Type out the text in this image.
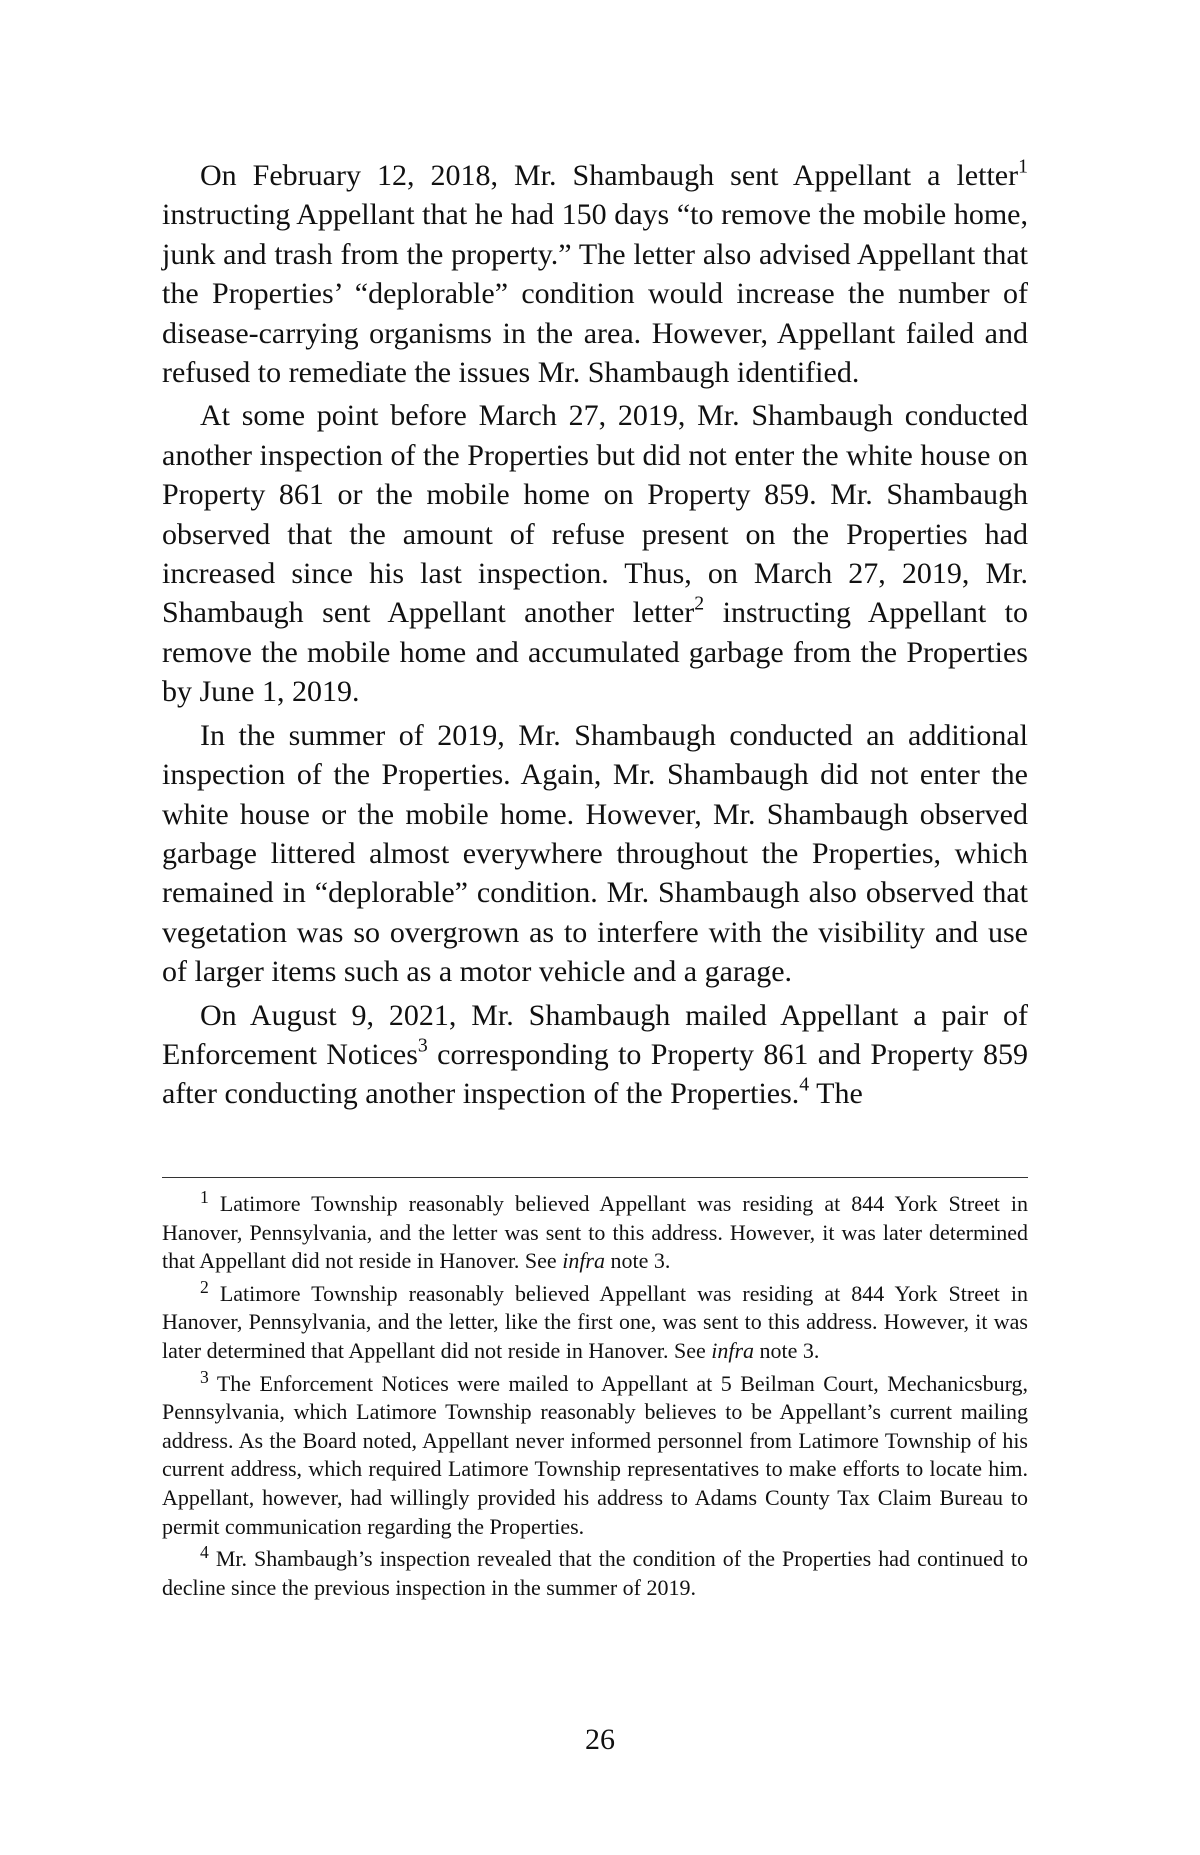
On February 12, 2018, Mr. Shambaugh sent Appellant a letter$^1$ instructing Appellant that he had 150 days “to remove the mobile home, junk and trash from the property.” The letter also advised Appellant that the Properties’ “deplorable” condition would increase the number of disease-carrying organisms in the area. However, Appellant failed and refused to remediate the issues Mr. Shambaugh identified.

At some point before March 27, 2019, Mr. Shambaugh conducted another inspection of the Properties but did not enter the white house on Property 861 or the mobile home on Property 859. Mr. Shambaugh observed that the amount of refuse present on the Properties had increased since his last inspection. Thus, on March 27, 2019, Mr. Shambaugh sent Appellant another letter$^2$ instructing Appellant to remove the mobile home and accumulated garbage from the Properties by June 1, 2019.

In the summer of 2019, Mr. Shambaugh conducted an additional inspection of the Properties. Again, Mr. Shambaugh did not enter the white house or the mobile home. However, Mr. Shambaugh observed garbage littered almost everywhere throughout the Properties, which remained in “deplorable” condition. Mr. Shambaugh also observed that vegetation was so overgrown as to interfere with the visibility and use of larger items such as a motor vehicle and a garage.

On August 9, 2021, Mr. Shambaugh mailed Appellant a pair of Enforcement Notices$^3$ corresponding to Property 861 and Property 859 after conducting another inspection of the Properties.$^4$ The

$^1$ Latimore Township reasonably believed Appellant was residing at 844 York Street in Hanover, Pennsylvania, and the letter was sent to this address. However, it was later determined that Appellant did not reside in Hanover. See infra note 3.

$^2$ Latimore Township reasonably believed Appellant was residing at 844 York Street in Hanover, Pennsylvania, and the letter, like the first one, was sent to this address. However, it was later determined that Appellant did not reside in Hanover. See infra note 3.

$^3$ The Enforcement Notices were mailed to Appellant at 5 Beilman Court, Mechanicsburg, Pennsylvania, which Latimore Township reasonably believes to be Appellant’s current mailing address. As the Board noted, Appellant never informed personnel from Latimore Township of his current address, which required Latimore Township representatives to make efforts to locate him. Appellant, however, had willingly provided his address to Adams County Tax Claim Bureau to permit communication regarding the Properties.

$^4$ Mr. Shambaugh’s inspection revealed that the condition of the Properties had continued to decline since the previous inspection in the summer of 2019.

26
